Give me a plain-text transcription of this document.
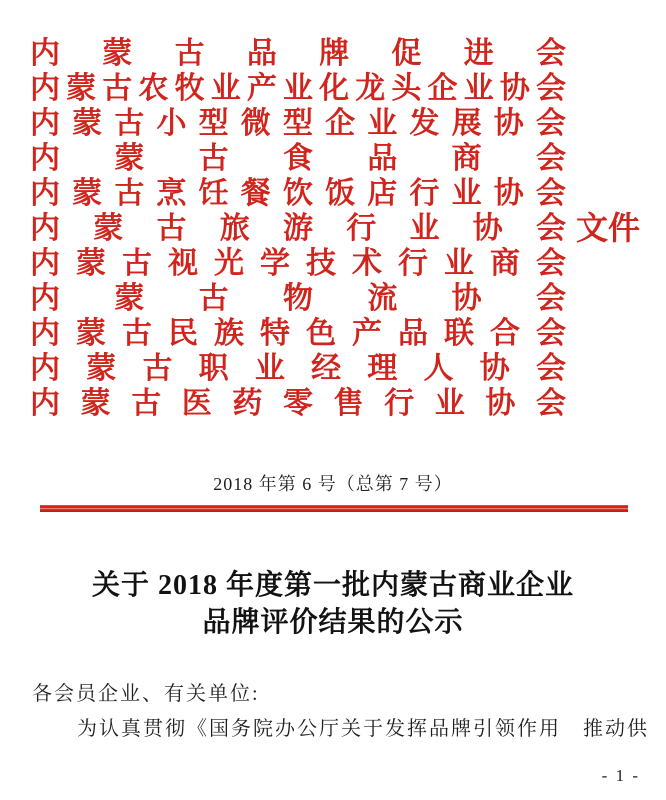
内 蒙 古 品 牌 促 进 会
内 蒙 古 农 牧 业 产 业 化 龙 头 企 业 协 会
内 蒙 古 小 型 微 型 企 业 发 展 协 会
内 蒙 古 食 品 商 会
内 蒙 古 烹 饪 餐 饮 饭 店 行 业 协 会
内 蒙 古 旅 游 行 业 协 会
内 蒙 古 视 光 学 技 术 行 业 商 会
内 蒙 古 物 流 协 会
内 蒙 古 民 族 特 色 产 品 联 合 会
内 蒙 古 职 业 经 理 人 协 会
内 蒙 古 医 药 零 售 行 业 协 会
文件
2018 年第 6 号（总第 7 号）
关于 2018 年度第一批内蒙古商业企业
品牌评价结果的公示
各会员企业、有关单位:
为认真贯彻《国务院办公厅关于发挥品牌引领作用　推动供
- 1 -
